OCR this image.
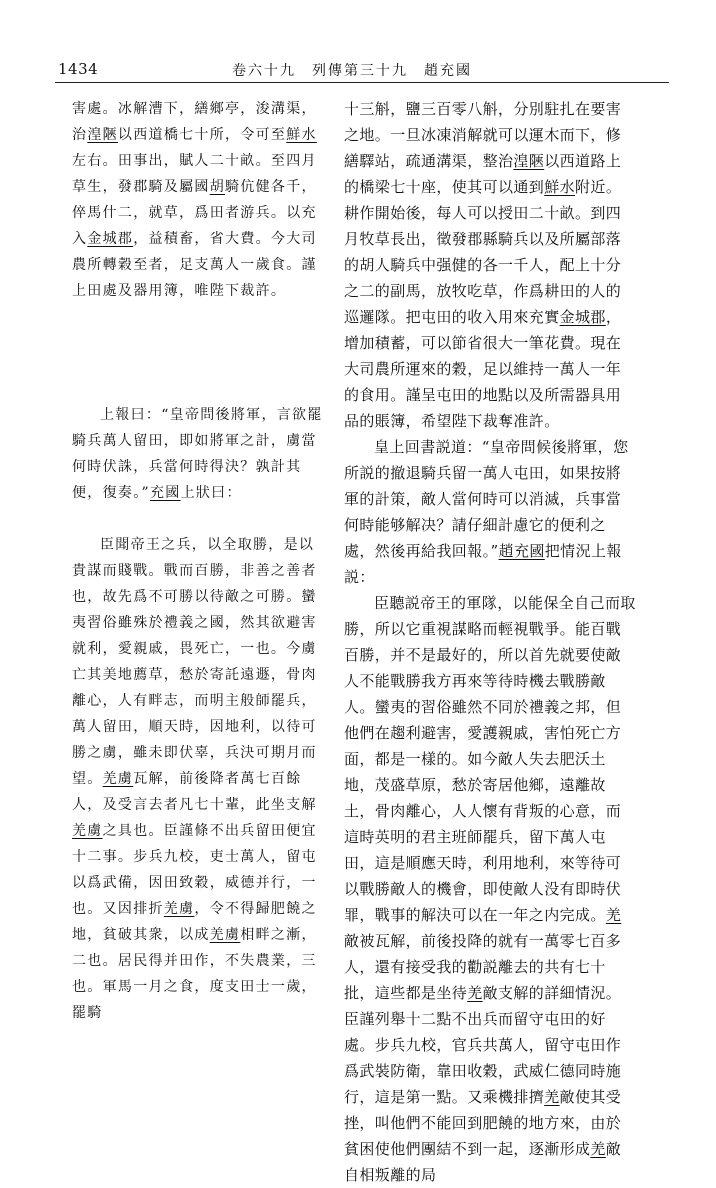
1434	卷六十九　列傳第三十九　趙充國

害處。冰解漕下，繕鄉亭，浚溝渠，治湟陿以西道橋七十所，令可至鮮水左右。田事出，賦人二十畝。至四月草生，發郡騎及屬國胡騎伉健各千，倅馬什二，就草，爲田者游兵。以充入金城郡，益積畜，省大費。今大司農所轉穀至者，足支萬人一歲食。謹上田處及器用簿，唯陛下裁許。

上報曰：“皇帝問後將軍，言欲罷騎兵萬人留田，即如將軍之計，虜當何時伏誅，兵當何時得決？孰計其便，復奏。”充國上狀曰：

臣聞帝王之兵，以全取勝，是以貴謀而賤戰。戰而百勝，非善之善者也，故先爲不可勝以待敵之可勝。蠻夷習俗雖殊於禮義之國，然其欲避害就利，愛親戚，畏死亡，一也。今虜亡其美地薦草，愁於寄託遠遯，骨肉離心，人有畔志，而明主般師罷兵，萬人留田，順天時，因地利，以待可勝之虜，雖未即伏辜，兵決可期月而望。羌虜瓦解，前後降者萬七百餘人，及受言去者凡七十輩，此坐支解羌虜之具也。臣謹條不出兵留田便宜十二事。步兵九校，吏士萬人，留屯以爲武備，因田致穀，威德并行，一也。又因排折羌虜，令不得歸肥饒之地，貧破其衆，以成羌虜相畔之漸，二也。居民得并田作，不失農業，三也。軍馬一月之食，度支田士一歲，罷騎

十三斛，鹽三百零八斛，分別駐扎在要害之地。一旦冰凍消解就可以運木而下，修繕驛站，疏通溝渠，整治湟陿以西道路上的橋梁七十座，使其可以通到鮮水附近。耕作開始後，每人可以授田二十畝。到四月牧草長出，徵發郡縣騎兵以及所屬部落的胡人騎兵中强健的各一千人，配上十分之二的副馬，放牧吃草，作爲耕田的人的巡邏隊。把屯田的收入用來充實金城郡，增加積蓄，可以節省很大一筆花費。現在大司農所運來的穀，足以維持一萬人一年的食用。謹呈屯田的地點以及所需器具用品的賬簿，希望陛下裁奪准許。

皇上回書説道：“皇帝問候後將軍，您所説的撤退騎兵留一萬人屯田，如果按將軍的計策，敵人當何時可以消滅，兵事當何時能够解决？請仔細計慮它的便利之處，然後再給我回報。”趙充國把情況上報説：

臣聽説帝王的軍隊，以能保全自己而取勝，所以它重視謀略而輕視戰爭。能百戰百勝，并不是最好的，所以首先就要使敵人不能戰勝我方再來等待時機去戰勝敵人。蠻夷的習俗雖然不同於禮義之邦，但他們在趨利避害，愛護親戚，害怕死亡方面，都是一樣的。如今敵人失去肥沃土地，茂盛草原，愁於寄居他鄉，遠離故土，骨肉離心，人人懷有背叛的心意，而這時英明的君主班師罷兵，留下萬人屯田，這是順應天時，利用地利，來等待可以戰勝敵人的機會，即使敵人没有即時伏罪，戰事的解決可以在一年之内完成。羌敵被瓦解，前後投降的就有一萬零七百多人，還有接受我的勸説離去的共有七十批，這些都是坐待羌敵支解的詳細情況。臣謹列舉十二點不出兵而留守屯田的好處。步兵九校，官兵共萬人，留守屯田作爲武裝防衛，靠田收穀，武威仁德同時施行，這是第一點。又乘機排擠羌敵使其受挫，叫他們不能回到肥饒的地方來，由於貧困使他們團結不到一起，逐漸形成羌敵自相叛離的局
